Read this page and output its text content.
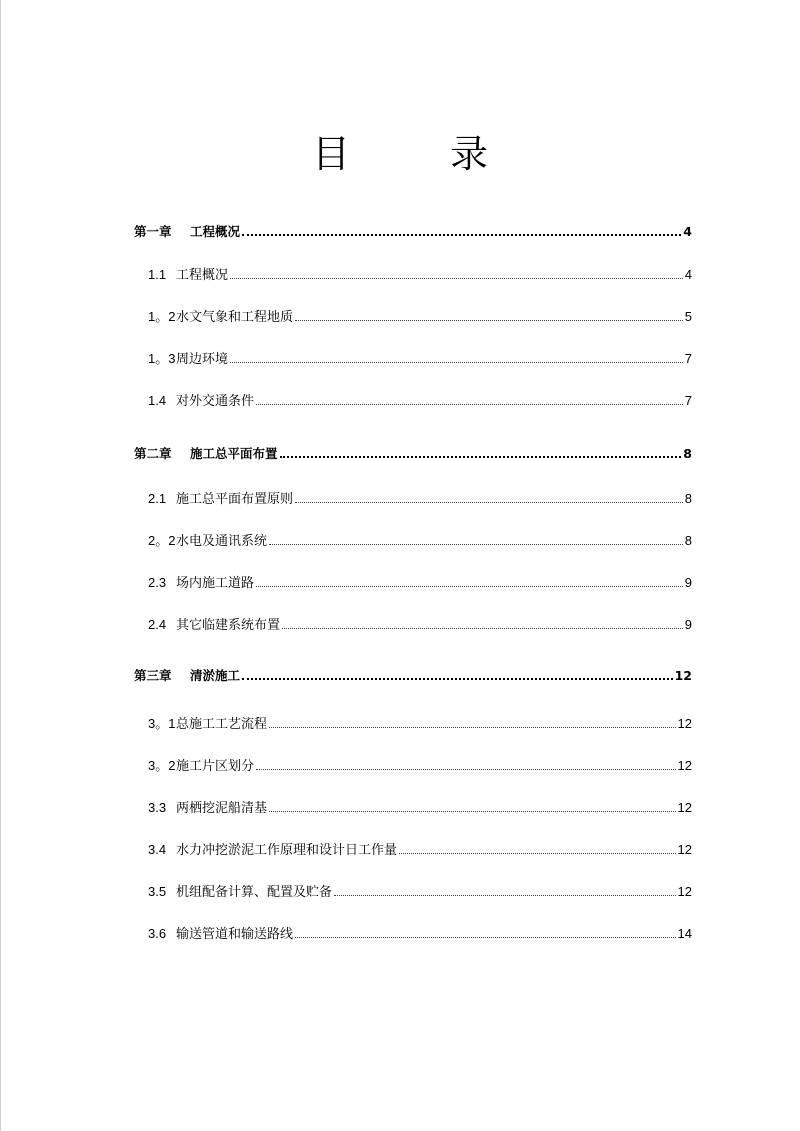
目 录
第一章	工程概况	4
1.1 工程概况	4
1。2 水文气象和工程地质	5
1。3 周边环境	7
1.4 对外交通条件	7
第二章	施工总平面布置	8
2.1 施工总平面布置原则	8
2。2 水电及通讯系统	8
2.3 场内施工道路	9
2.4 其它临建系统布置	9
第三章	清淤施工	12
3。1 总施工工艺流程	12
3。2 施工片区划分	12
3.3 两栖挖泥船清基	12
3.4 水力冲挖淤泥工作原理和设计日工作量	12
3.5 机组配备计算、配置及贮备	12
3.6 输送管道和输送路线	14
